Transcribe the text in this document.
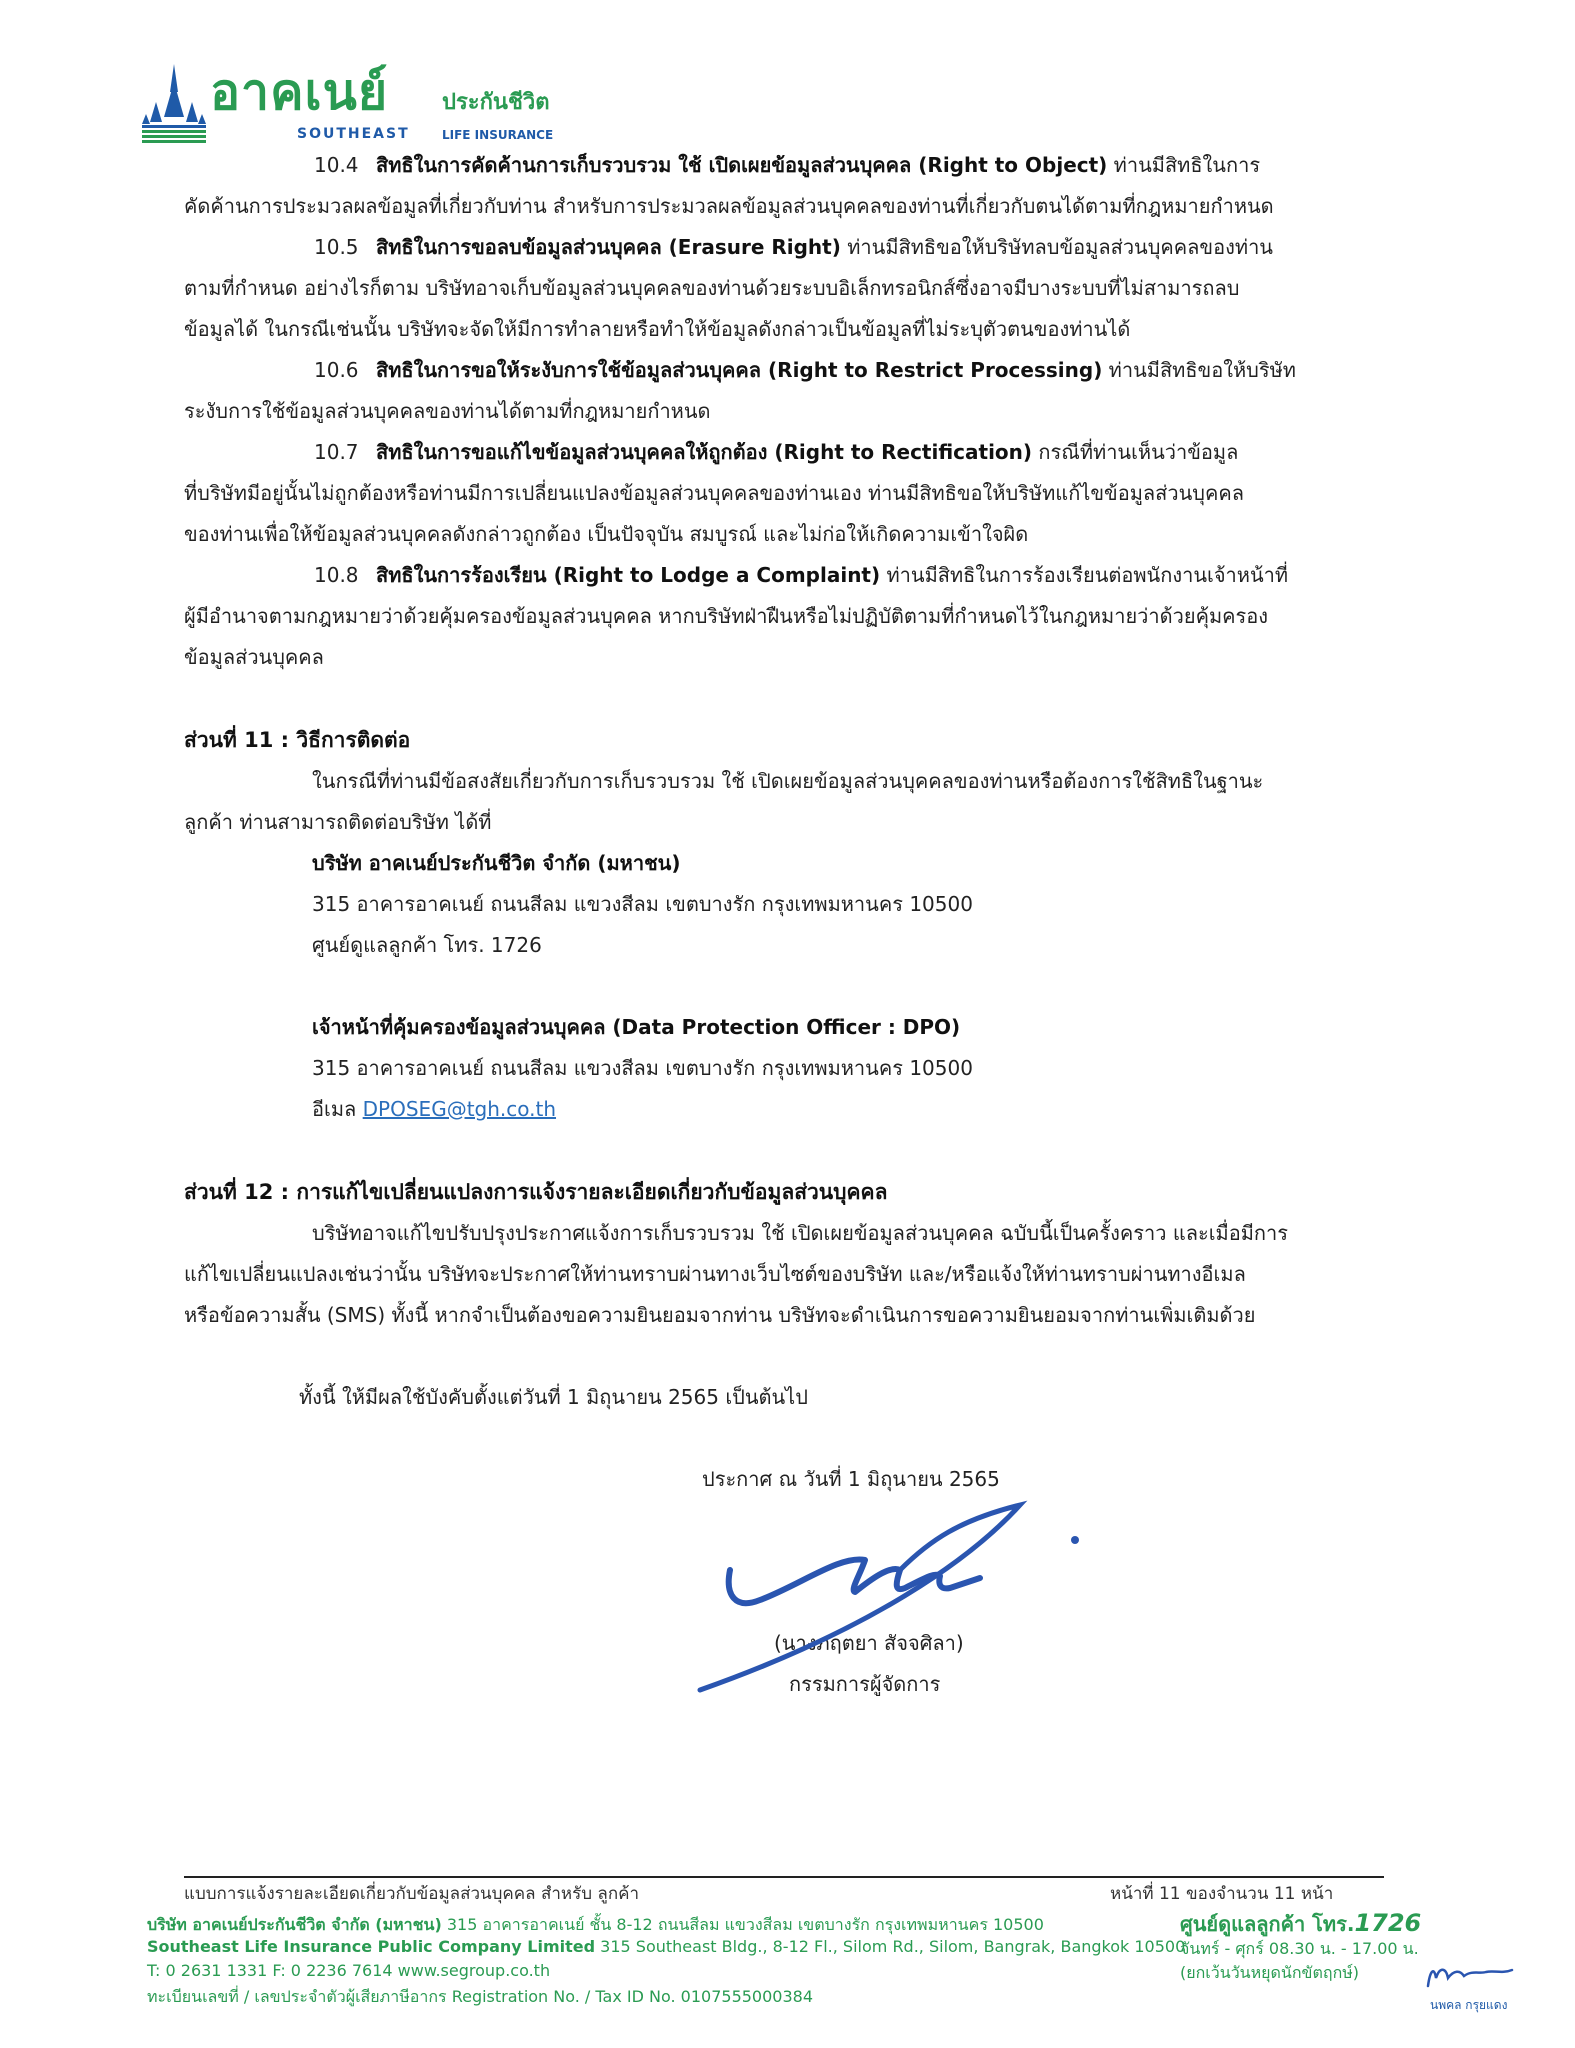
อาคเนย์ ประกันชีวิต
SOUTHEAST	LIFE INSURANCE
10.4 สิทธิในการคัดค้านการเก็บรวบรวม ใช้ เปิดเผยข้อมูลส่วนบุคคล (Right to Object) ท่านมีสิทธิในการ
คัดค้านการประมวลผลข้อมูลที่เกี่ยวกับท่าน สำหรับการประมวลผลข้อมูลส่วนบุคคลของท่านที่เกี่ยวกับตนได้ตามที่กฎหมายกำหนด
10.5 สิทธิในการขอลบข้อมูลส่วนบุคคล (Erasure Right) ท่านมีสิทธิขอให้บริษัทลบข้อมูลส่วนบุคคลของท่าน
ตามที่กำหนด อย่างไรก็ตาม บริษัทอาจเก็บข้อมูลส่วนบุคคลของท่านด้วยระบบอิเล็กทรอนิกส์ซึ่งอาจมีบางระบบที่ไม่สามารถลบ
ข้อมูลได้ ในกรณีเช่นนั้น บริษัทจะจัดให้มีการทำลายหรือทำให้ข้อมูลดังกล่าวเป็นข้อมูลที่ไม่ระบุตัวตนของท่านได้
10.6 สิทธิในการขอให้ระงับการใช้ข้อมูลส่วนบุคคล (Right to Restrict Processing) ท่านมีสิทธิขอให้บริษัท
ระงับการใช้ข้อมูลส่วนบุคคลของท่านได้ตามที่กฎหมายกำหนด
10.7 สิทธิในการขอแก้ไขข้อมูลส่วนบุคคลให้ถูกต้อง (Right to Rectification) กรณีที่ท่านเห็นว่าข้อมูล
ที่บริษัทมีอยู่นั้นไม่ถูกต้องหรือท่านมีการเปลี่ยนแปลงข้อมูลส่วนบุคคลของท่านเอง ท่านมีสิทธิขอให้บริษัทแก้ไขข้อมูลส่วนบุคคล
ของท่านเพื่อให้ข้อมูลส่วนบุคคลดังกล่าวถูกต้อง เป็นปัจจุบัน สมบูรณ์ และไม่ก่อให้เกิดความเข้าใจผิด
10.8 สิทธิในการร้องเรียน (Right to Lodge a Complaint) ท่านมีสิทธิในการร้องเรียนต่อพนักงานเจ้าหน้าที่
ผู้มีอำนาจตามกฎหมายว่าด้วยคุ้มครองข้อมูลส่วนบุคคล หากบริษัทฝ่าฝืนหรือไม่ปฏิบัติตามที่กำหนดไว้ในกฎหมายว่าด้วยคุ้มครอง
ข้อมูลส่วนบุคคล
ส่วนที่ 11 : วิธีการติดต่อ
ในกรณีที่ท่านมีข้อสงสัยเกี่ยวกับการเก็บรวบรวม ใช้ เปิดเผยข้อมูลส่วนบุคคลของท่านหรือต้องการใช้สิทธิในฐานะ
ลูกค้า ท่านสามารถติดต่อบริษัท ได้ที่
บริษัท อาคเนย์ประกันชีวิต จำกัด (มหาชน)
315 อาคารอาคเนย์ ถนนสีลม แขวงสีลม เขตบางรัก กรุงเทพมหานคร 10500
ศูนย์ดูแลลูกค้า โทร. 1726
เจ้าหน้าที่คุ้มครองข้อมูลส่วนบุคคล (Data Protection Officer : DPO)
315 อาคารอาคเนย์ ถนนสีลม แขวงสีลม เขตบางรัก กรุงเทพมหานคร 10500
อีเมล DPOSEG@tgh.co.th
ส่วนที่ 12 : การแก้ไขเปลี่ยนแปลงการแจ้งรายละเอียดเกี่ยวกับข้อมูลส่วนบุคคล
บริษัทอาจแก้ไขปรับปรุงประกาศแจ้งการเก็บรวบรวม ใช้ เปิดเผยข้อมูลส่วนบุคคล ฉบับนี้เป็นครั้งคราว และเมื่อมีการ
แก้ไขเปลี่ยนแปลงเช่นว่านั้น บริษัทจะประกาศให้ท่านทราบผ่านทางเว็บไซต์ของบริษัท และ/หรือแจ้งให้ท่านทราบผ่านทางอีเมล
หรือข้อความสั้น (SMS) ทั้งนี้ หากจำเป็นต้องขอความยินยอมจากท่าน บริษัทจะดำเนินการขอความยินยอมจากท่านเพิ่มเติมด้วย
ทั้งนี้ ให้มีผลใช้บังคับตั้งแต่วันที่ 1 มิถุนายน 2565 เป็นต้นไป
ประกาศ ณ วันที่ 1 มิถุนายน 2565
(นางภฤตยา สัจจศิลา)
กรรมการผู้จัดการ
แบบการแจ้งรายละเอียดเกี่ยวกับข้อมูลส่วนบุคคล สำหรับ ลูกค้า	หน้าที่ 11 ของจำนวน 11 หน้า
บริษัท อาคเนย์ประกันชีวิต จำกัด (มหาชน) 315 อาคารอาคเนย์ ชั้น 8-12 ถนนสีลม แขวงสีลม เขตบางรัก กรุงเทพมหานคร 10500
Southeast Life Insurance Public Company Limited 315 Southeast Bldg., 8-12 Fl., Silom Rd., Silom, Bangrak, Bangkok 10500
T: 0 2631 1331 F: 0 2236 7614 www.segroup.co.th
ทะเบียนเลขที่ / เลขประจำตัวผู้เสียภาษีอากร Registration No. / Tax ID No. 0107555000384
ศูนย์ดูแลลูกค้า โทร.1726
จันทร์ - ศุกร์ 08.30 น. - 17.00 น.
(ยกเว้นวันหยุดนักขัตฤกษ์)
นพคล กรุยแดง
